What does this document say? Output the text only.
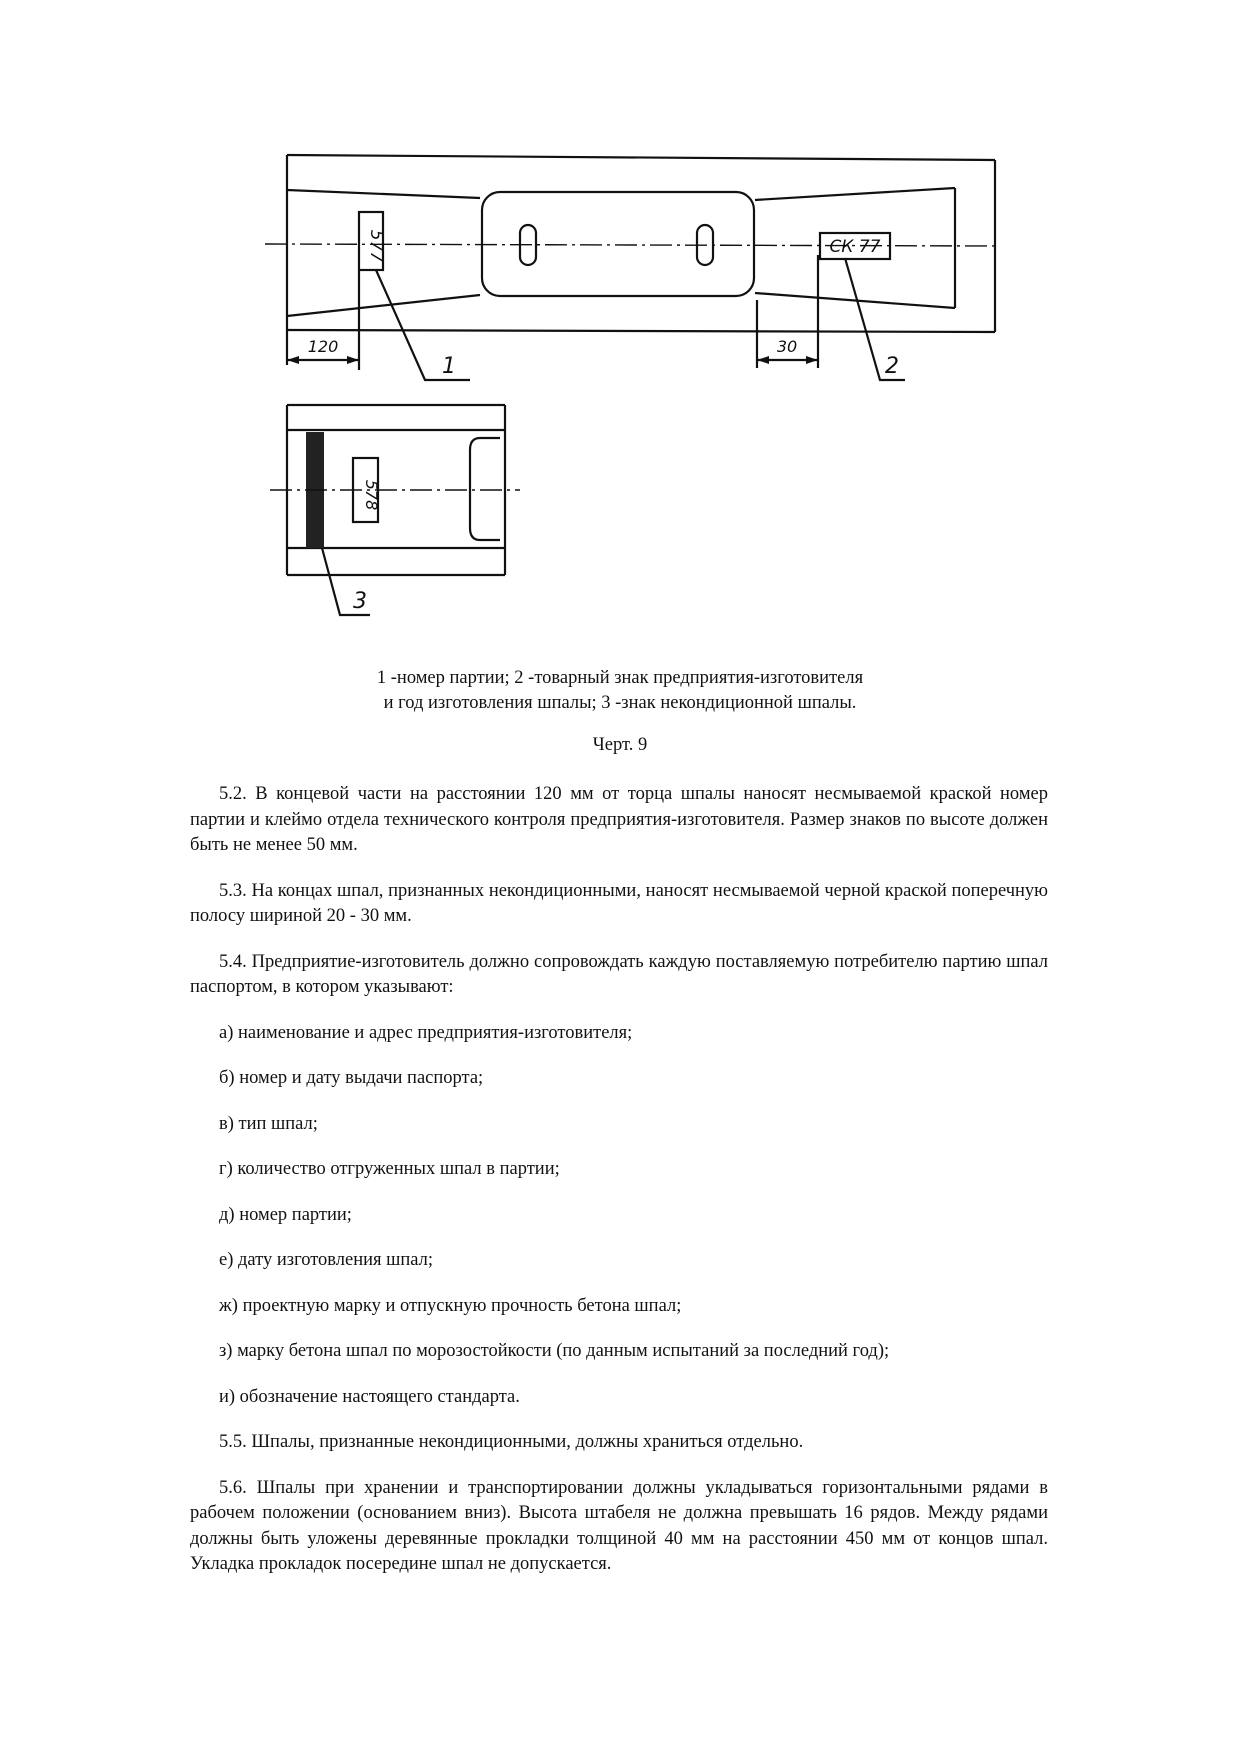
577	СК 77
578
120	30
1	2
3
1 -номер партии; 2 -товарный знак предприятия-изготовителя
и год изготовления шпалы; 3 -знак некондиционной шпалы.
Черт. 9

5.2. В концевой части на расстоянии 120 мм от торца шпалы наносят несмываемой краской номер партии и клеймо отдела технического контроля предприятия-изготовителя. Размер знаков по высоте должен быть не менее 50 мм.

5.3. На концах шпал, признанных некондиционными, наносят несмываемой черной краской поперечную полосу шириной 20 - 30 мм.

5.4. Предприятие-изготовитель должно сопровождать каждую поставляемую потребителю партию шпал паспортом, в котором указывают:

а) наименование и адрес предприятия-изготовителя;

б) номер и дату выдачи паспорта;

в) тип шпал;

г) количество отгруженных шпал в партии;

д) номер партии;

е) дату изготовления шпал;

ж) проектную марку и отпускную прочность бетона шпал;

з) марку бетона шпал по морозостойкости (по данным испытаний за последний год);

и) обозначение настоящего стандарта.

5.5. Шпалы, признанные некондиционными, должны храниться отдельно.

5.6. Шпалы при хранении и транспортировании должны укладываться горизонтальными рядами в рабочем положении (основанием вниз). Высота штабеля не должна превышать 16 рядов. Между рядами должны быть уложены деревянные прокладки толщиной 40 мм на расстоянии 450 мм от концов шпал. Укладка прокладок посередине шпал не допускается.
